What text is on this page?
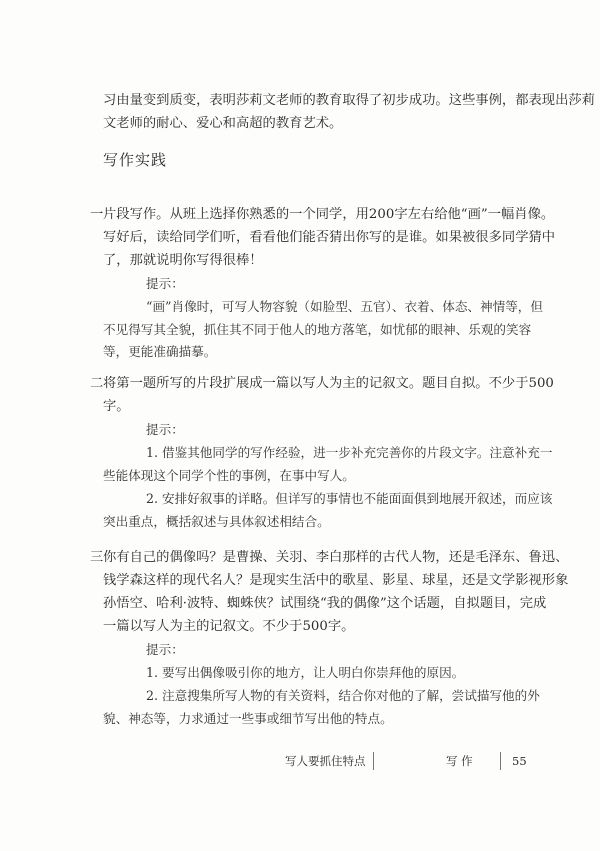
习由量变到质变，表明莎莉文老师的教育取得了初步成功。这些事例，都表现出莎莉
文老师的耐心、爱心和高超的教育艺术。
写作实践
一 片段写作。从班上选择你熟悉的一个同学，用200字左右给他“画”一幅肖像。
写好后，读给同学们听，看看他们能否猜出你写的是谁。如果被很多同学猜中
了，那就说明你写得很棒！
提示：
“画”肖像时，可写人物容貌（如脸型、五官）、衣着、体态、神情等，但
不见得写其全貌，抓住其不同于他人的地方落笔，如忧郁的眼神、乐观的笑容
等，更能准确描摹。
二 将第一题所写的片段扩展成一篇以写人为主的记叙文。题目自拟。不少于500
字。
提示：
1. 借鉴其他同学的写作经验，进一步补充完善你的片段文字。注意补充一
些能体现这个同学个性的事例，在事中写人。
2. 安排好叙事的详略。但详写的事情也不能面面俱到地展开叙述，而应该
突出重点，概括叙述与具体叙述相结合。
三 你有自己的偶像吗？是曹操、关羽、李白那样的古代人物，还是毛泽东、鲁迅、
钱学森这样的现代名人？是现实生活中的歌星、影星、球星，还是文学影视形象
孙悟空、哈利·波特、蜘蛛侠？试围绕“我的偶像”这个话题，自拟题目，完成
一篇以写人为主的记叙文。不少于500字。
提示：
1. 要写出偶像吸引你的地方，让人明白你崇拜他的原因。
2. 注意搜集所写人物的有关资料，结合你对他的了解，尝试描写他的外
貌、神态等，力求通过一些事或细节写出他的特点。
写人要抓住特点	写 作	55
